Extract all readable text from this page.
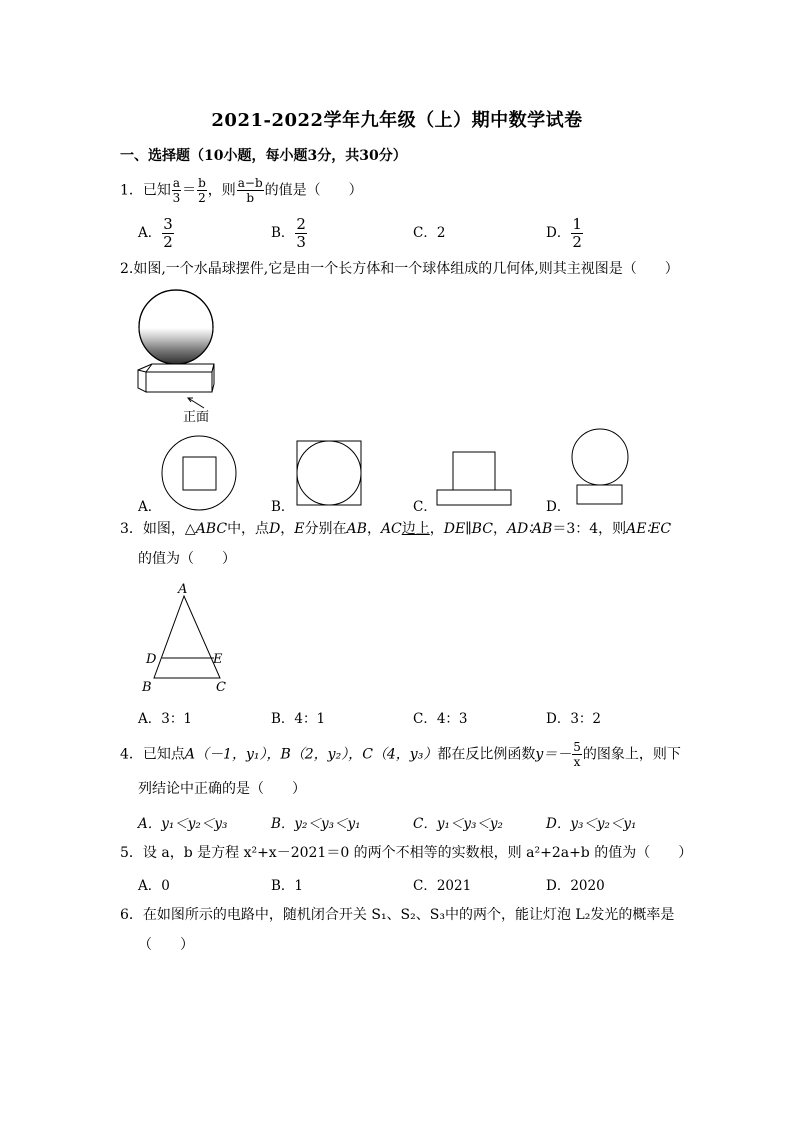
2021-2022学年九年级（上）期中数学试卷
一、选择题（10小题，每小题3分，共30分）
1．已知 $\frac{a}{3} = \frac{b}{2}$ ，则 $\frac{a-b}{b}$ 的值是（　　）
A． $\frac{3}{2}$	B． $\frac{2}{3}$	C．2	D． $\frac{1}{2}$
2.如图,一个水晶球摆件,它是由一个长方体和一个球体组成的几何体,则其主视图是（　　）
正面
A．	B．	C．	D．
3．如图，△ABC中，点D，E分别在AB，AC边上，DE∥BC，AD∶AB＝3：4，则AE∶EC
的值为（　　）
A
B	C
D	E
A．3：1	B．4：1	C．4：3	D．3：2
4．已知点A（－1，y₁），B（2，y₂），C（4，y₃）都在反比例函数$y=- \frac{5}{x}$ 的图象上，则下
列结论中正确的是（　　）
A．y₁＜y₂＜y₃	B．y₂＜y₃＜y₁	C．y₁＜y₃＜y₂	D．y₃＜y₂＜y₁
5．设 a，b 是方程 x²+x－2021＝0 的两个不相等的实数根，则 a²+2a+b 的值为（　　）
A．0	B．1	C．2021	D．2020
6．在如图所示的电路中，随机闭合开关 S₁、S₂、S₃中的两个，能让灯泡 L₂发光的概率是
（　　）
